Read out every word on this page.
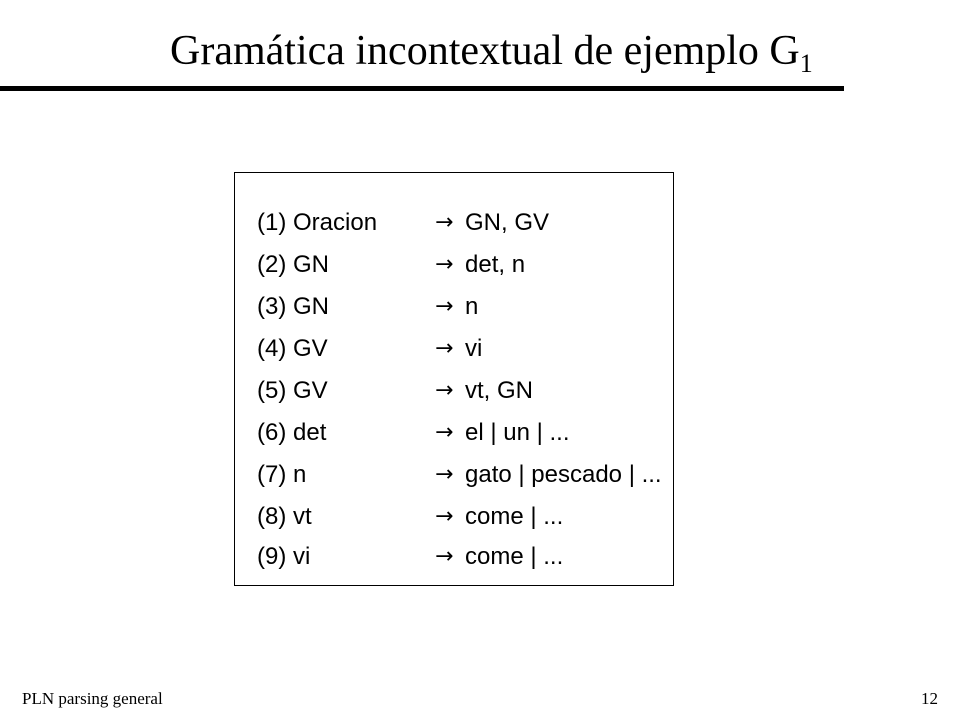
Gramática incontextual de ejemplo $G_1$
(1) Oracion	→ GN, GV
(2) GN	→ det, n
(3) GN	→ n
(4) GV	→ vi
(5) GV	→ vt, GN
(6) det	→ el | un | ...
(7) n	→ gato | pescado | ...
(8) vt	→ come | ...
(9) vi	→ come | ...
PLN parsing general	12
